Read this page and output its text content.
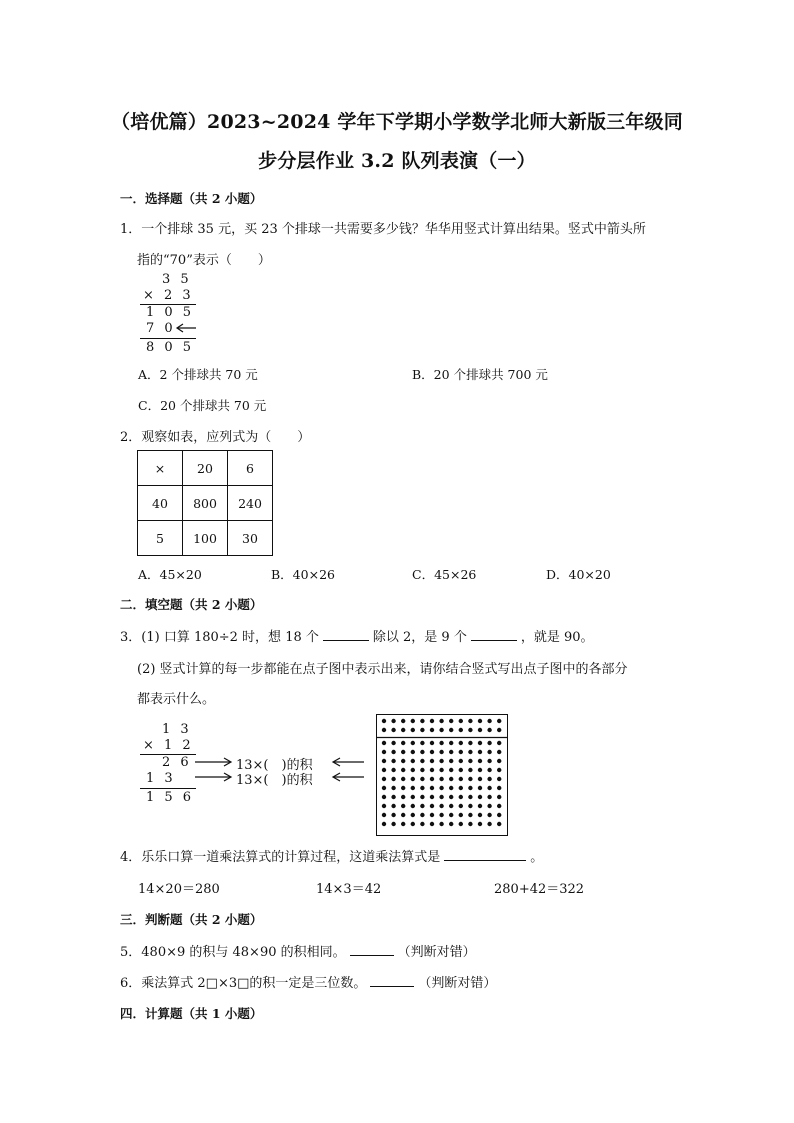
（培优篇）2023~2024 学年下学期小学数学北师大新版三年级同
步分层作业 3.2 队列表演（一）
一．选择题（共 2 小题）
1．一个排球 35 元，买 23 个排球一共需要多少钱？华华用竖式计算出结果。竖式中箭头所
指的“70”表示（　　）
3 5
× 2 3
1 0 5
7 0
8 0 5
A．2 个排球共 70 元	B．20 个排球共 700 元
C．20 个排球共 70 元
2．观察如表，应列式为（　　）
×	20	6
40	800	240
5	100	30
A．45×20	B．40×26	C．45×26	D．40×20
二．填空题（共 2 小题）
3．(1) 口算 180÷2 时，想 18 个	除以 2，是 9 个	，就是 90。
(2) 竖式计算的每一步都能在点子图中表示出来，请你结合竖式写出点子图中的各部分
都表示什么。
1 3
× 1 2
2 6
1 3
1 5 6
13×(　)的积
13×(　)的积
4．乐乐口算一道乘法算式的计算过程，这道乘法算式是	。
14×20＝280	14×3＝42	280+42＝322
三．判断题（共 2 小题）
5．480×9 的积与 48×90 的积相同。	（判断对错）
6．乘法算式 2□×3□的积一定是三位数。	（判断对错）
四．计算题（共 1 小题）
